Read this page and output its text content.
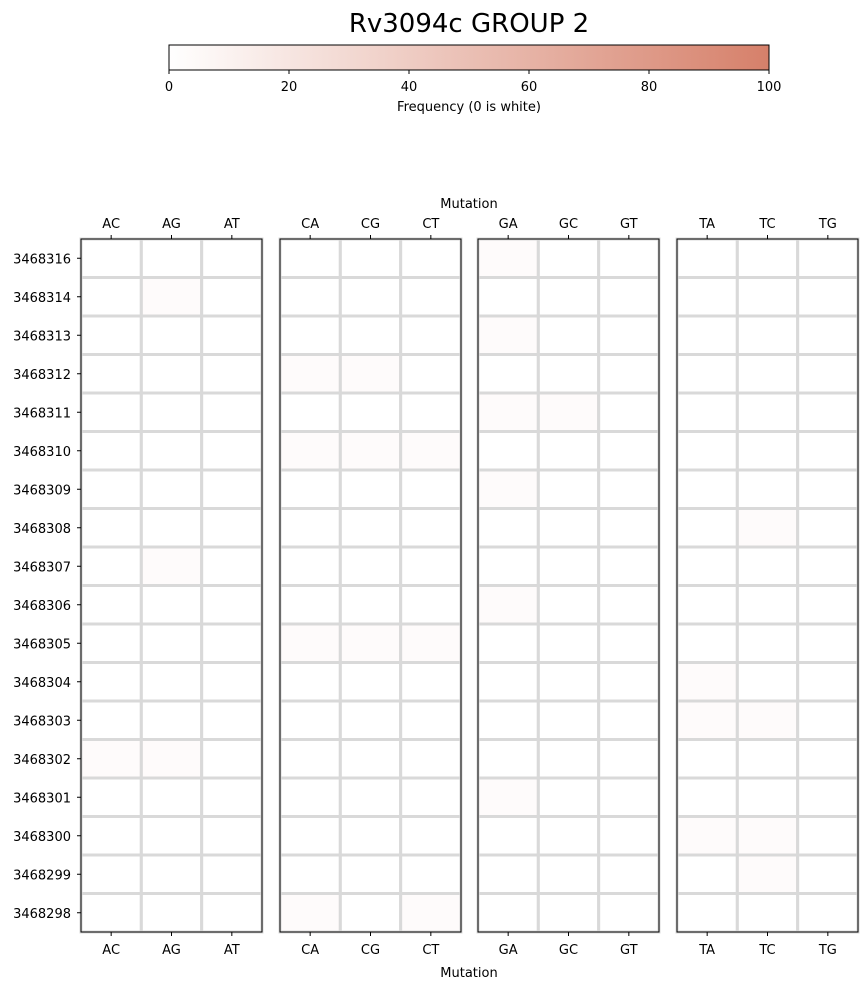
Rv3094c GROUP 2
0	20	40	60	80	100
Frequency (0 is white)
Mutation
Mutation
AC
AC
AG
AG
AT
AT
CA
CA
CG
CG
CT
CT
GA
GA
GC
GC
GT
GT
TA
TA
TC
TC
TG
TG
3468316
3468314
3468313
3468312
3468311
3468310
3468309
3468308
3468307
3468306
3468305
3468304
3468303
3468302
3468301
3468300
3468299
3468298
